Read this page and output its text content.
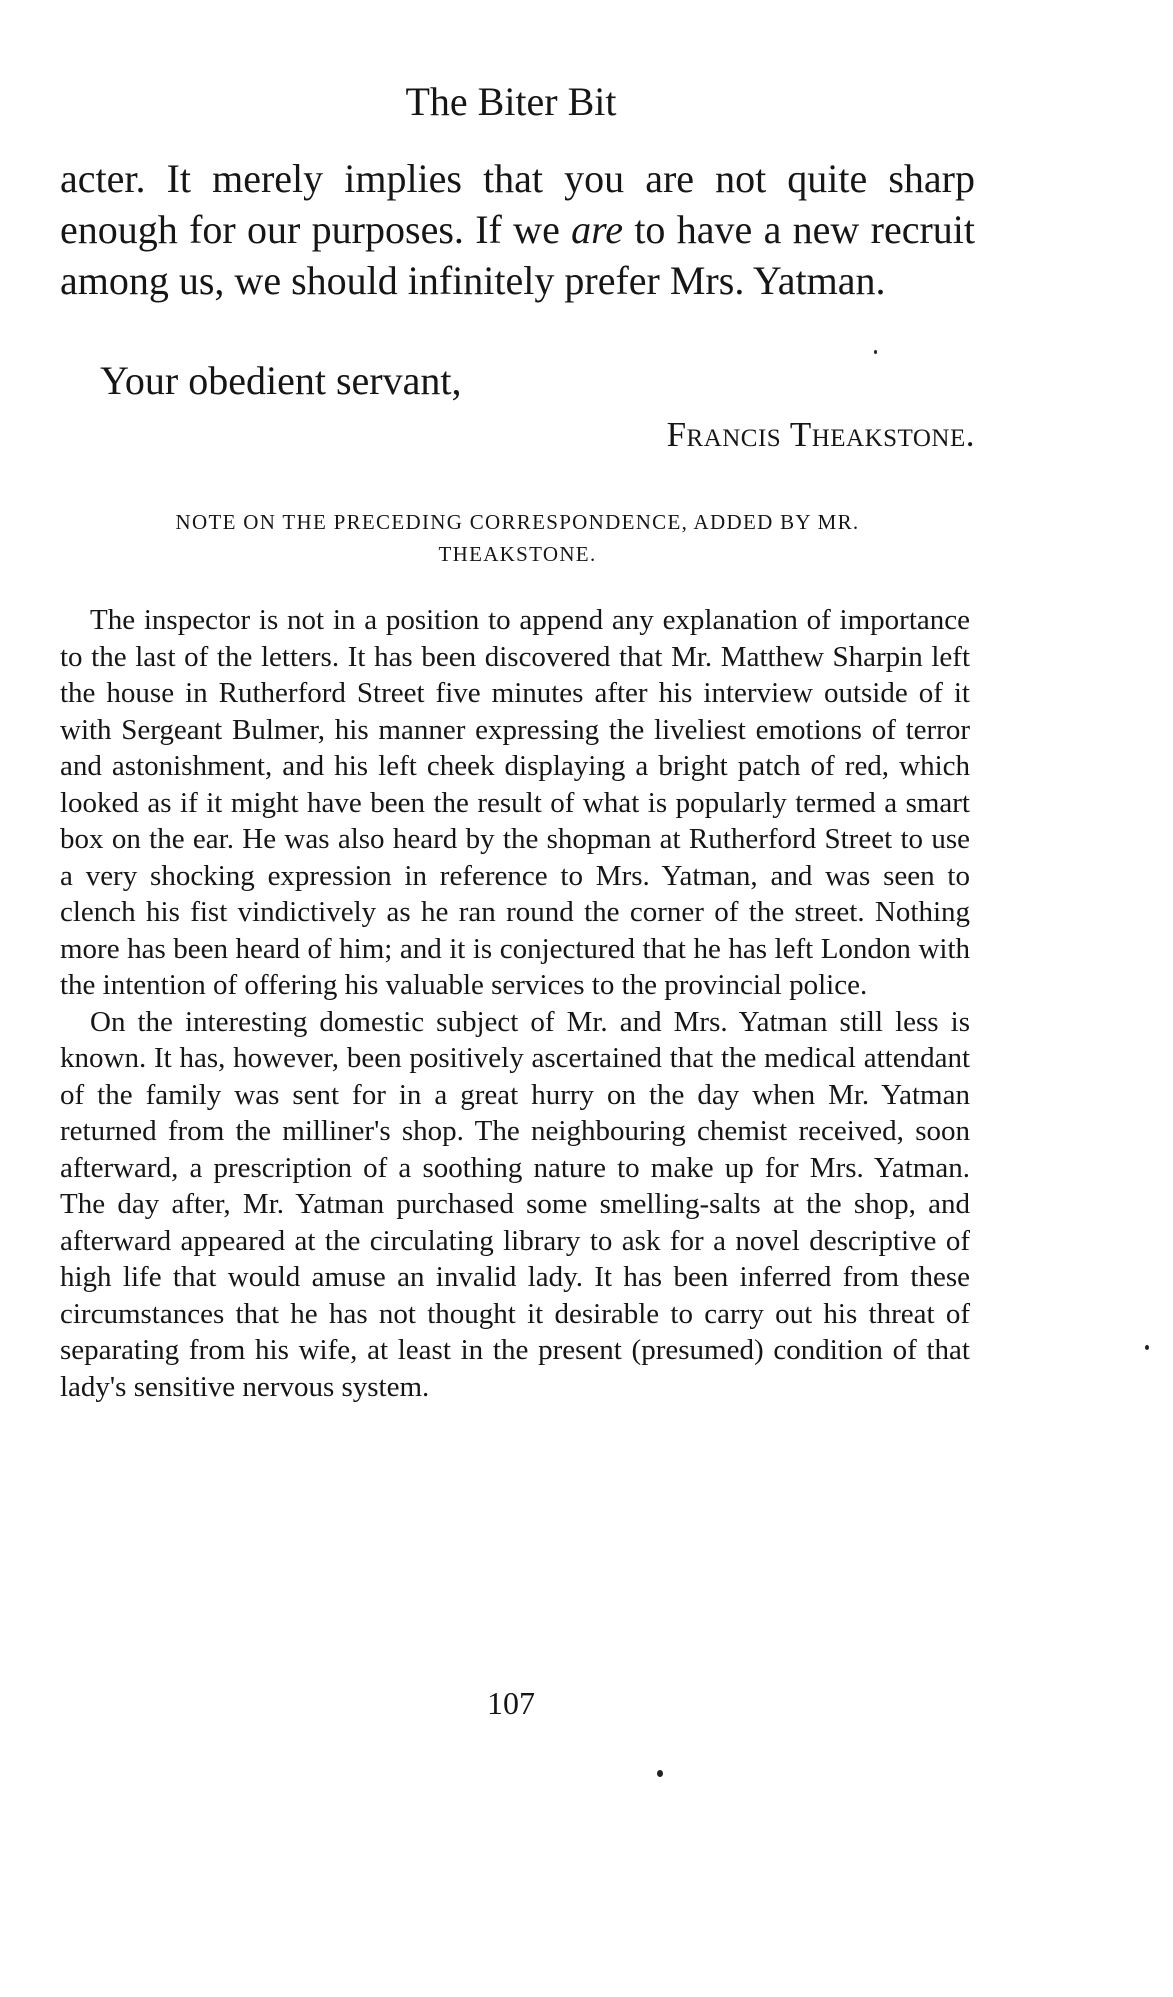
The Biter Bit

acter. It merely implies that you are not quite sharp enough for our purposes. If we are to have a new recruit among us, we should infinitely prefer Mrs. Yatman.

Your obedient servant,
Francis Theakstone.
NOTE ON THE PRECEDING CORRESPONDENCE, ADDED BY MR.
THEAKSTONE.

The inspector is not in a position to append any explanation of importance to the last of the letters. It has been discovered that Mr. Matthew Sharpin left the house in Rutherford Street five minutes after his interview outside of it with Sergeant Bulmer, his manner expressing the liveliest emotions of terror and astonishment, and his left cheek displaying a bright patch of red, which looked as if it might have been the result of what is popularly termed a smart box on the ear. He was also heard by the shopman at Rutherford Street to use a very shocking expression in reference to Mrs. Yatman, and was seen to clench his fist vindictively as he ran round the corner of the street. Nothing more has been heard of him; and it is conjectured that he has left London with the intention of offering his valuable services to the provincial police.

On the interesting domestic subject of Mr. and Mrs. Yatman still less is known. It has, however, been positively ascertained that the medical attendant of the family was sent for in a great hurry on the day when Mr. Yatman returned from the milliner's shop. The neighbouring chemist received, soon afterward, a prescription of a soothing nature to make up for Mrs. Yatman. The day after, Mr. Yatman purchased some smelling-salts at the shop, and afterward appeared at the circulating library to ask for a novel descriptive of high life that would amuse an invalid lady. It has been inferred from these circumstances that he has not thought it desirable to carry out his threat of separating from his wife, at least in the present (presumed) condition of that lady's sensitive nervous system.

107
